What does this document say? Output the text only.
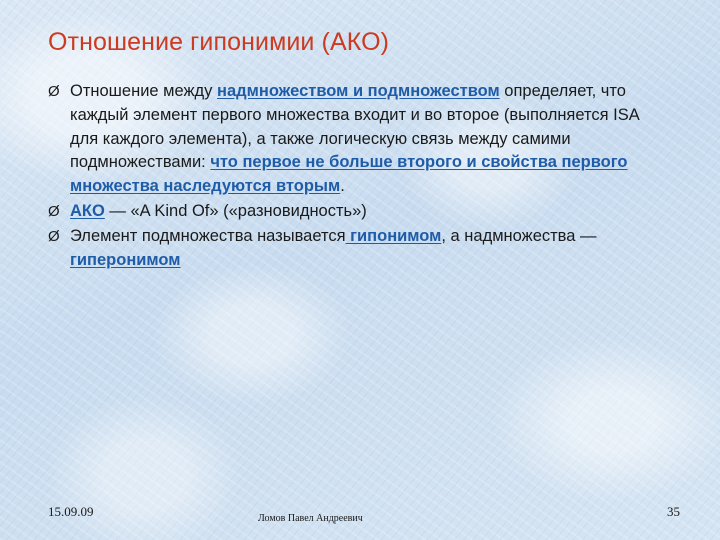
Отношение гипонимии (АКО)
Ø Отношение между надмножеством и подмножеством определяет, что каждый элемент первого множества входит и во второе (выполняется ISA для каждого элемента), а также логическую связь между самими подмножествами: что первое не больше второго и свойства первого множества наследуются вторым.
Ø АКО — «A Kind Of» («разновидность»)
Ø Элемент подмножества называется гипонимом, а надмножества — гиперонимом
15.09.09	Ломов Павел Андреевич	35
